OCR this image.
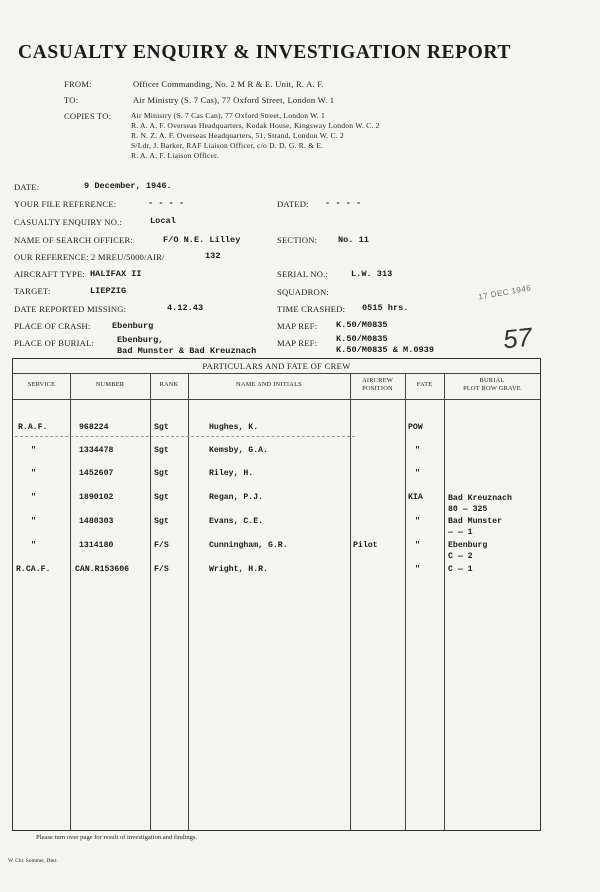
CASUALTY ENQUIRY & INVESTIGATION REPORT
FROM:	Officer Commanding, No. 2 M R & E. Unit, R. A. F.
TO:	Air Ministry (S. 7 Cas), 77 Oxford Street, London W. 1
COPIES TO:	Air Ministry (S. 7 Cas Can), 77 Oxford Street, London W. 1
R. A. A. F. Overseas Headquarters, Kodak House, Kingsway London W. C. 2
R. N. Z. A. F. Overseas Headquarters, 51, Strand, London W. C. 2
S/Ldr, J. Barker, RAF Liaison Officer, c/o D. D. G. R. & E.
R. A. A. F. Liaison Officer.
DATE:	9 December, 1946.
YOUR FILE REFERENCE:	- - - -	DATED: - - - -
CASUALTY ENQUIRY NO.:	Local
NAME OF SEARCH OFFICER:	F/O N.E. Lilley	SECTION: No. 11
OUR REFERENCE: 2 MREU/5000/AIR/	132
AIRCRAFT TYPE: HALIFAX II	SERIAL NO.:	L.W. 313
TARGET:	LIEPZIG	SQUADRON:
DATE REPORTED MISSING:	4.12.43	TIME CRASHED: 0515 hrs.
PLACE OF CRASH: Ebenburg	MAP REF: K.50/M0835
PLACE OF BURIAL:	Ebenburg,
Bad Munster & Bad Kreuznach
MAP REF: K.50/M0835
K.50/M0835 & M.0939
17 DEC 1946
57
PARTICULARS AND FATE OF CREW
SERVICE	NUMBER	RANK	NAME AND INITIALS
AIRCREW
POSITION
FATE
BURIAL
PLOT ROW GRAVE
R.A.F.	968224	Sgt	Hughes, K.	POW
"	1334478	Sgt	Kemsby, G.A.	"
"	1452607	Sgt	Riley, H.	"
"	1890102	Sgt	Regan, P.J.	KIA	Bad Kreuznach
80 — 325
"	1480303	Sgt	Evans, C.E.	"	Bad Munster
— — 1
"	1314180	F/S	Cunningham, G.R.	Pilot	"	Ebenburg
C — 2
R.CA.F.	CAN.R153606	F/S	Wright, H.R.	"	C — 1
Please turn over page for result of investigation and findings.
W. Chr. Sommer, Diez
